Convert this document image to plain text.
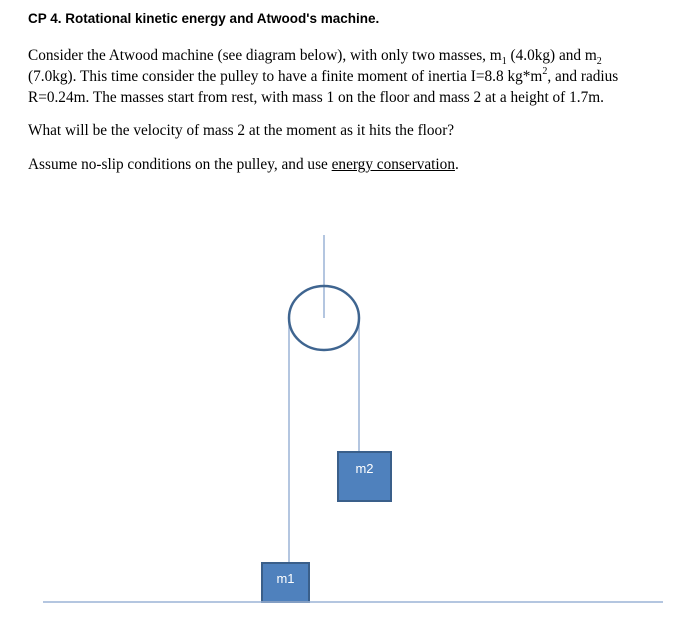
CP 4. Rotational kinetic energy and Atwood's machine.

Consider the Atwood machine (see diagram below), with only two masses, $m_1$ (4.0kg) and $m_2$
(7.0kg). This time consider the pulley to have a finite moment of inertia I=8.8 $kg*m^2$, and radius
R=0.24m. The masses start from rest, with mass 1 on the floor and mass 2 at a height of 1.7m.

What will be the velocity of mass 2 at the moment as it hits the floor?

Assume no-slip conditions on the pulley, and use energy conservation.

m2
m1
